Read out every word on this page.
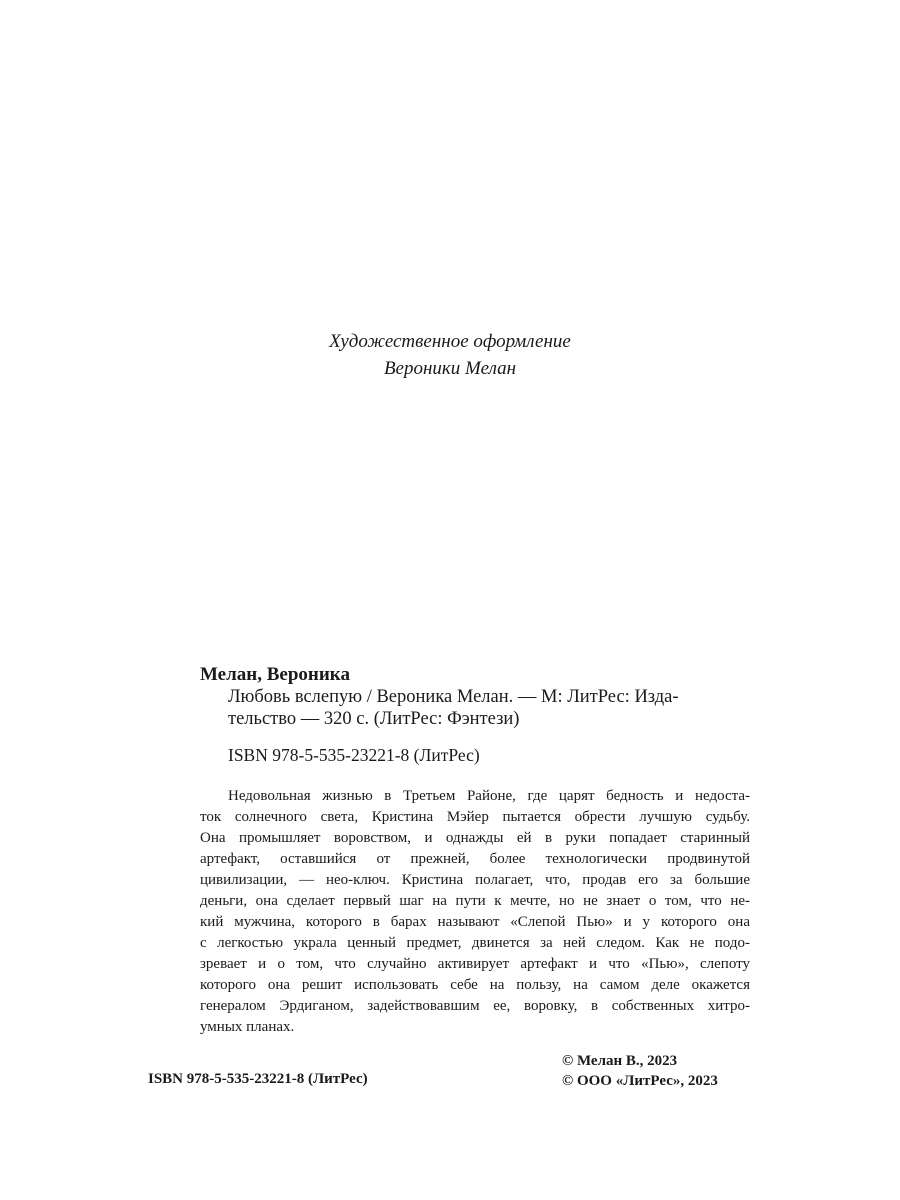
Художественное оформление
Вероники Мелан
Мелан, Вероника
Любовь вслепую / Вероника Мелан. — М: ЛитРес: Изда-
тельство — 320 с. (ЛитРес: Фэнтези)
ISBN 978-5-535-23221-8 (ЛитРес)
Недовольная жизнью в Третьем Районе, где царят бедность и недоста-
ток солнечного света, Кристина Мэйер пытается обрести лучшую судьбу.
Она промышляет воровством, и однажды ей в руки попадает старинный
артефакт, оставшийся от прежней, более технологически продвинутой
цивилизации, — нео-ключ. Кристина полагает, что, продав его за большие
деньги, она сделает первый шаг на пути к мечте, но не знает о том, что не-
кий мужчина, которого в барах называют «Слепой Пью» и у которого она
с легкостью украла ценный предмет, двинется за ней следом. Как не подо-
зревает и о том, что случайно активирует артефакт и что «Пью», слепоту
которого она решит использовать себе на пользу, на самом деле окажется
генералом Эрдиганом, задействовавшим ее, воровку, в собственных хитро-
умных планах.
ISBN 978-5-535-23221-8 (ЛитРес)
© Мелан В., 2023
© ООО «ЛитРес», 2023
